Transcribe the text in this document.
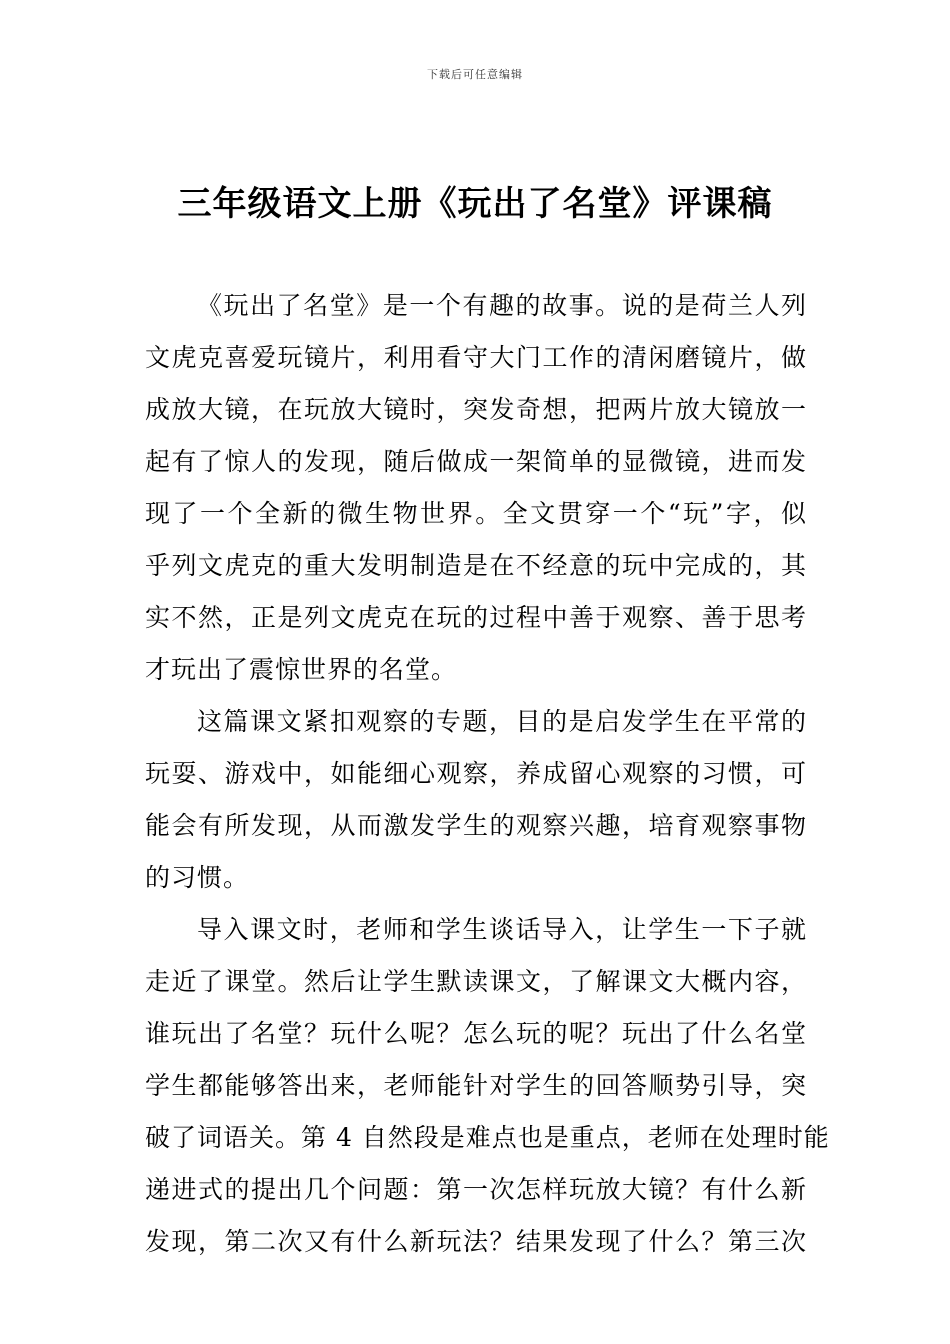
下载后可任意编辑
三年级语文上册《玩出了名堂》评课稿
《玩出了名堂》是一个有趣的故事。说的是荷兰人列
文虎克喜爱玩镜片，利用看守大门工作的清闲磨镜片，做
成放大镜，在玩放大镜时，突发奇想，把两片放大镜放一
起有了惊人的发现，随后做成一架简单的显微镜，进而发
现了一个全新的微生物世界。全文贯穿一个“玩”字，似
乎列文虎克的重大发明制造是在不经意的玩中完成的，其
实不然，正是列文虎克在玩的过程中善于观察、善于思考
才玩出了震惊世界的名堂。
这篇课文紧扣观察的专题，目的是启发学生在平常的
玩耍、游戏中，如能细心观察，养成留心观察的习惯，可
能会有所发现，从而激发学生的观察兴趣，培育观察事物
的习惯。
导入课文时，老师和学生谈话导入，让学生一下子就
走近了课堂。然后让学生默读课文，了解课文大概内容，
谁玩出了名堂？玩什么呢？怎么玩的呢？玩出了什么名堂
学生都能够答出来，老师能针对学生的回答顺势引导，突
破了词语关。第 4 自然段是难点也是重点，老师在处理时能
递进式的提出几个问题：第一次怎样玩放大镜？有什么新
发现，第二次又有什么新玩法？结果发现了什么？第三次
